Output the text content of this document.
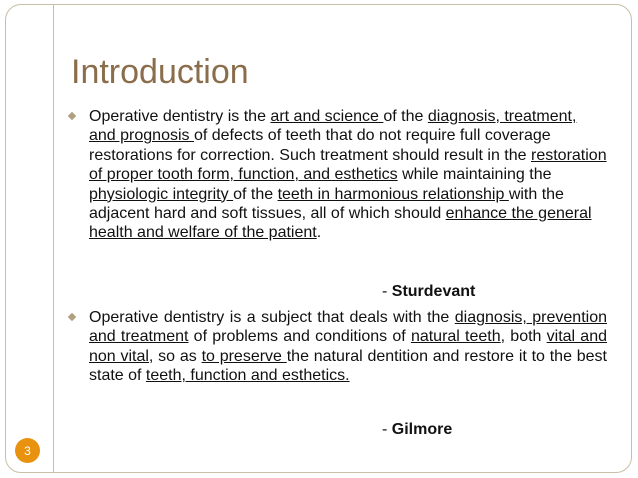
Introduction
Operative dentistry is the art and science of the diagnosis, treatment, and prognosis of defects of teeth that do not require full coverage restorations for correction. Such treatment should result in the restoration of proper tooth form, function, and esthetics while maintaining the physiologic integrity of the teeth in harmonious relationship with the adjacent hard and soft tissues, all of which should enhance the general health and welfare of the patient.
- Sturdevant
Operative dentistry is a subject that deals with the diagnosis, prevention and treatment of problems and conditions of natural teeth, both vital and non vital, so as to preserve the natural dentition and restore it to the best state of teeth, function and esthetics.
- Gilmore
3
